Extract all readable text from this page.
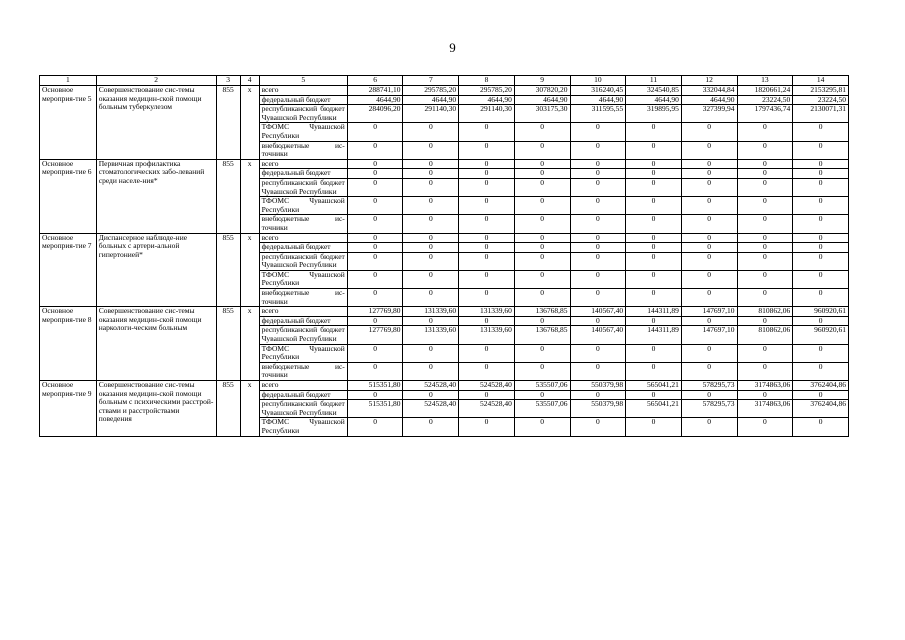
9
1	2	3	4	5	6	7	8	9	10	11	12	13	14
Основное мероприя-тие 5	Совершенствование сис-темы оказания медицин-ской помощи больным туберкулезом	855	x	всего	288741,10	295785,20	295785,20	307820,20	316240,45	324540,85	332044,84	1820661,24	2153295,81
				федеральный бюджет	4644,90	4644,90	4644,90	4644,90	4644,90	4644,90	4644,90	23224,50	23224,50
				республиканский бюджет Чувашской Республики	284096,20	291140,30	291140,30	303175,30	311595,55	319895,95	327399,94	1797436,74	2130071,31
				ТФОМС Чувашской Республики	0	0	0	0	0	0	0	0	0
				внебюджетные ис-точники	0	0	0	0	0	0	0	0	0
Основное мероприя-тие 6	Первичная профилактика стоматологических забо-леваний среди населе-ния*	855	x	всего	0	0	0	0	0	0	0	0	0
				федеральный бюджет	0	0	0	0	0	0	0	0	0
				республиканский бюджет Чувашской Республики	0	0	0	0	0	0	0	0	0
				ТФОМС Чувашской Республики	0	0	0	0	0	0	0	0	0
				внебюджетные ис-точники	0	0	0	0	0	0	0	0	0
Основное мероприя-тие 7	Диспансерное наблюде-ние больных с артери-альной гипертонией*	855	x	всего	0	0	0	0	0	0	0	0	0
				федеральный бюджет	0	0	0	0	0	0	0	0	0
				республиканский бюджет Чувашской Республики	0	0	0	0	0	0	0	0	0
				ТФОМС Чувашской Республики	0	0	0	0	0	0	0	0	0
				внебюджетные ис-точники	0	0	0	0	0	0	0	0	0
Основное мероприя-тие 8	Совершенствование сис-темы оказания медицин-ской помощи наркологи-ческим больным	855	x	всего	127769,80	131339,60	131339,60	136768,85	140567,40	144311,89	147697,10	810862,06	960920,61
				федеральный бюджет	0	0	0	0	0	0	0	0	0
				республиканский бюджет Чувашской Республики	127769,80	131339,60	131339,60	136768,85	140567,40	144311,89	147697,10	810862,06	960920,61
				ТФОМС Чувашской Республики	0	0	0	0	0	0	0	0	0
				внебюджетные ис-точники	0	0	0	0	0	0	0	0	0
Основное мероприя-тие 9	Совершенствование сис-темы оказания медицин-ской помощи больным с психическими расстрой-ствами и расстройствами поведения	855	x	всего	515351,80	524528,40	524528,40	535507,06	550379,98	565041,21	578295,73	3174863,06	3762404,86
				федеральный бюджет	0	0	0	0	0	0	0	0	0
				республиканский бюджет Чувашской Республики	515351,80	524528,40	524528,40	535507,06	550379,98	565041,21	578295,73	3174863,06	3762404,86
				ТФОМС Чувашской Республики	0	0	0	0	0	0	0	0	0
